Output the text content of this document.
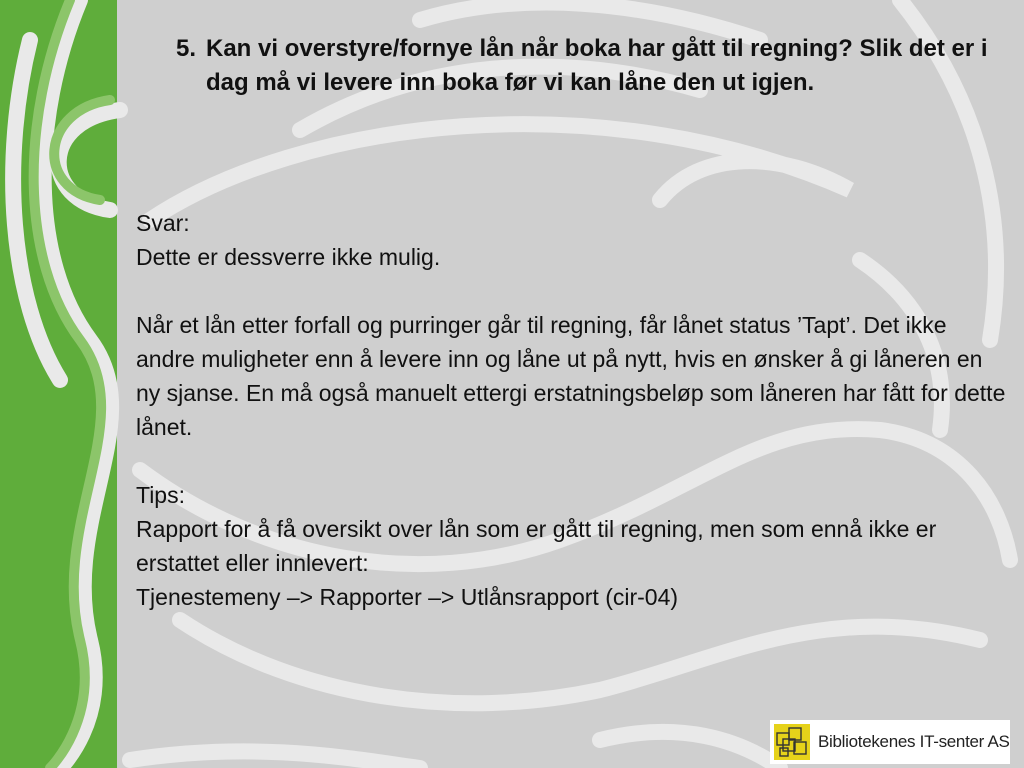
5. Kan vi overstyre/fornye lån når boka har gått til regning? Slik det er i dag må vi levere inn boka før vi kan låne den ut igjen.

Svar:

Dette er dessverre ikke mulig.

Når et lån etter forfall og purringer går til regning, får lånet status ’Tapt’. Det ikke andre muligheter enn å levere inn og låne ut på nytt, hvis en ønsker å gi låneren en ny sjanse. En må også manuelt ettergi erstatningsbeløp som låneren har fått for dette lånet.

Tips:

Rapport for å få oversikt over lån som er gått til regning, men som ennå ikke er erstattet eller innlevert:

Tjenestemeny –> Rapporter –> Utlånsrapport (cir-04)

Bibliotekenes IT-senter AS
